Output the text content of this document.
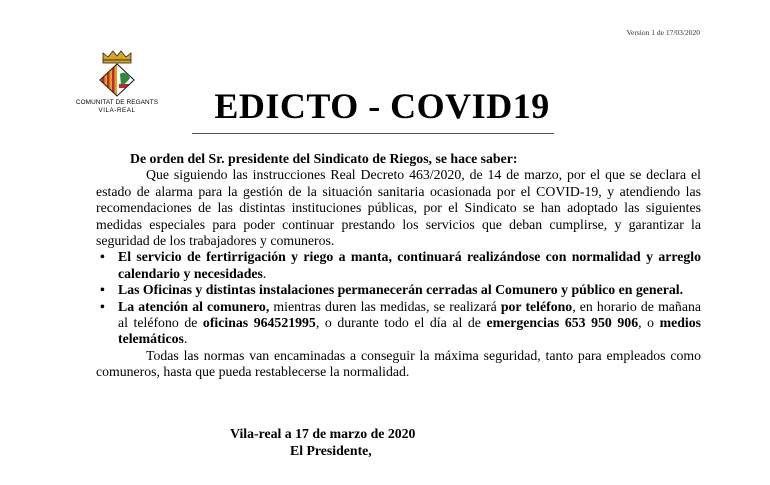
Version 1 de 17/03/2020
COMUNITAT DE REGANTS
VILA-REAL	EDICTO - COVID19

De orden del Sr. presidente del Sindicato de Riegos, se hace saber:

Que siguiendo las instrucciones Real Decreto 463/2020, de 14 de marzo, por el que se declara el estado de alarma para la gestión de la situación sanitaria ocasionada por el COVID-19, y atendiendo las recomendaciones de las distintas instituciones públicas, por el Sindicato se han adoptado las siguientes medidas especiales para poder continuar prestando los servicios que deban cumplirse, y garantizar la seguridad de los trabajadores y comuneros.

• El servicio de fertirrigación y riego a manta, continuará realizándose con normalidad y arreglo calendario y necesidades.
• Las Oficinas y distintas instalaciones permanecerán cerradas al Comunero y público en general.
• La atención al comunero, mientras duren las medidas, se realizará por teléfono, en horario de mañana al teléfono de oficinas 964521995, o durante todo el día al de emergencias 653 950 906, o medios telemáticos.

Todas las normas van encaminadas a conseguir la máxima seguridad, tanto para empleados como comuneros, hasta que pueda restablecerse la normalidad.

Vila-real a 17 de marzo de 2020
El Presidente,
